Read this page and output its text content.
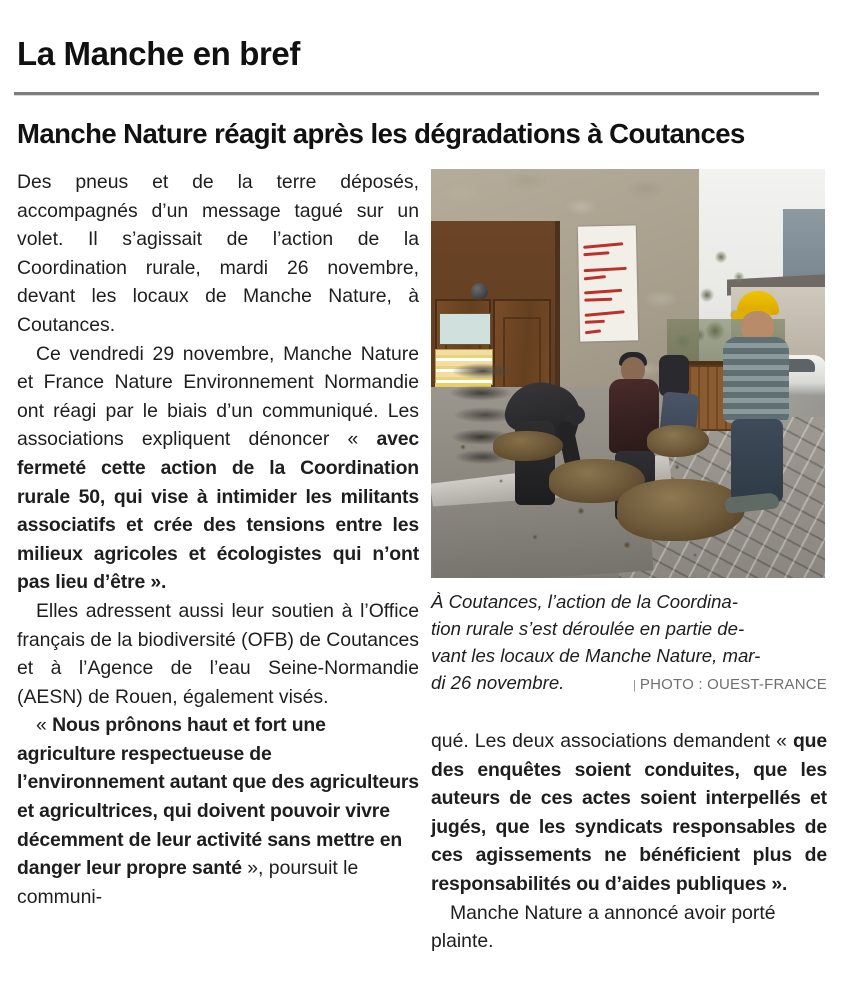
La Manche en bref
Manche Nature réagit après les dégradations à Coutances

Des pneus et de la terre déposés, accompagnés d’un message tagué sur un volet. Il s’agissait de l’action de la Coordination rurale, mardi 26 novembre, devant les locaux de Manche Nature, à Coutances.

Ce vendredi 29 novembre, Manche Nature et France Nature Environnement Normandie ont réagi par le biais d’un communiqué. Les associations expliquent dénoncer « avec fermeté cette action de la Coordination rurale 50, qui vise à intimider les militants associatifs et crée des tensions entre les milieux agricoles et écologistes qui n’ont pas lieu d’être ».

Elles adressent aussi leur soutien à l’Office français de la biodiversité (OFB) de Coutances et à l’Agence de l’eau Seine-Normandie (AESN) de Rouen, également visés.

« Nous prônons haut et fort une agriculture respectueuse de l’environnement autant que des agriculteurs et agricultrices, qui doivent pouvoir vivre décemment de leur activité sans mettre en danger leur propre santé », poursuit le communi-

À Coutances, l’action de la Coordina-
tion rurale s’est déroulée en partie de-
vant les locaux de Manche Nature, mar-
di 26 novembre.	| PHOTO : OUEST-FRANCE

qué. Les deux associations demandent « que des enquêtes soient conduites, que les auteurs de ces actes soient interpellés et jugés, que les syndicats responsables de ces agissements ne bénéficient plus de responsabilités ou d’aides publiques ».

Manche Nature a annoncé avoir porté plainte.
